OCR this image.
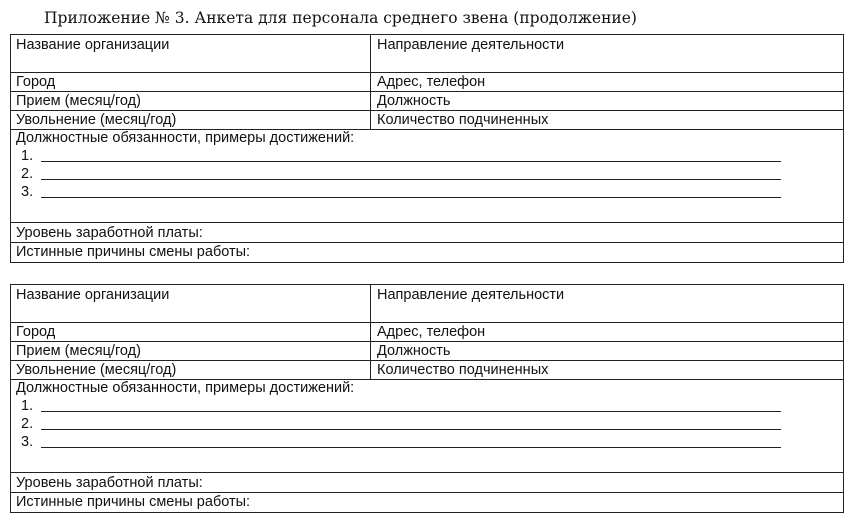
Приложение № 3. Анкета для персонала среднего звена (продолжение)
Название организации	Направление деятельности
Город	Адрес, телефон
Прием (месяц/год)	Должность
Увольнение (месяц/год)	Количество подчиненных
Должностные обязанности, примеры достижений:
1.
2.
3.
Уровень заработной платы:
Истинные причины смены работы:
Название организации	Направление деятельности
Город	Адрес, телефон
Прием (месяц/год)	Должность
Увольнение (месяц/год)	Количество подчиненных
Должностные обязанности, примеры достижений:
1.
2.
3.
Уровень заработной платы:
Истинные причины смены работы:
